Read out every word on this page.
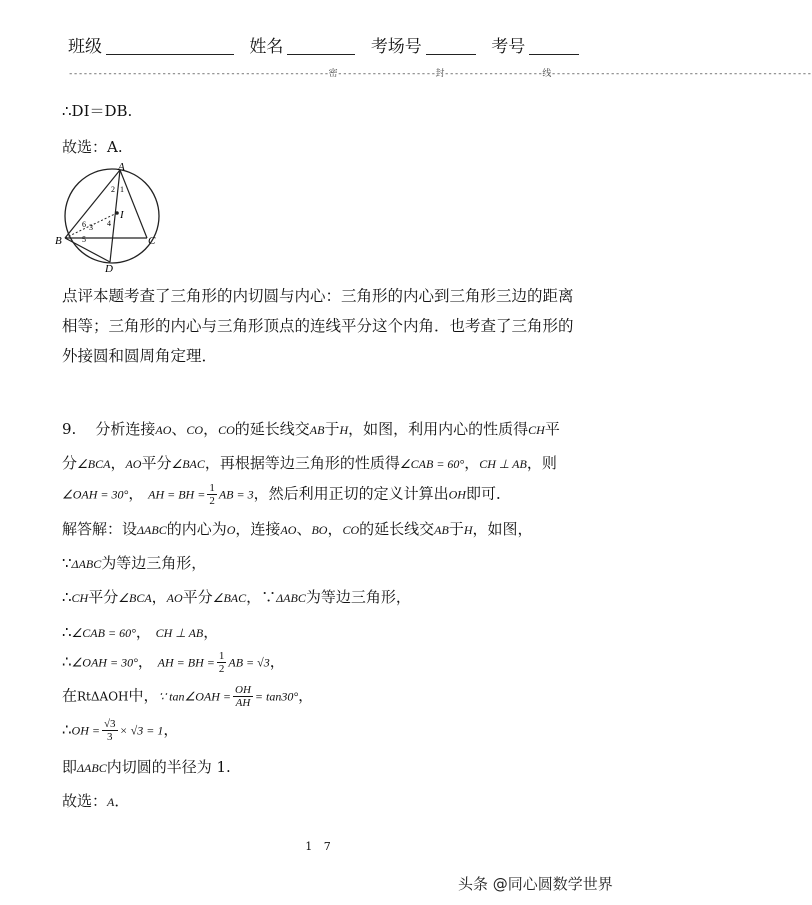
班级	姓名	考场号	考号
-----------------------------------------------------密--------------------封--------------------线-----------------------------------------------------
∴DI＝DB.
故选：A.
A
B	C
D
I
1
2
3 4
5
6
点评本题考查了三角形的内切圆与内心：三角形的内心到三角形三边的距离相等；三角形的内心与三角形顶点的连线平分这个内角．也考查了三角形的外接圆和圆周角定理．
9. 分析连接AO、CO，CO的延长线交AB于H，如图，利用内心的性质得CH平
分∠BCA，AO平分∠BAC，再根据等边三角形的性质得∠CAB = 60°，CH ⊥ AB，则
∠OAH = 30°， AH = BH = $\frac{1}{2}$ AB = 3，然后利用正切的定义计算出OH即可．
解答解：设ΔABC的内心为O，连接AO、BO，CO的延长线交AB于H，如图，
∵ΔABC为等边三角形，
∴CH平分∠BCA，AO平分∠BAC，∵ΔABC为等边三角形，
∴∠CAB = 60°， CH ⊥ AB，
∴∠OAH = 30°， AH = BH = $\frac{1}{2}$ AB = √3，
在RtΔAOH中，∵ tan∠OAH = $\frac{OH}{AH} = \tan 30^\circ$，
∴OH = $\frac{√3}{3} \times √3 = 1$，
即ΔABC内切圆的半径为 1.
故选：A．
1 7
头条 @同心圆数学世界
